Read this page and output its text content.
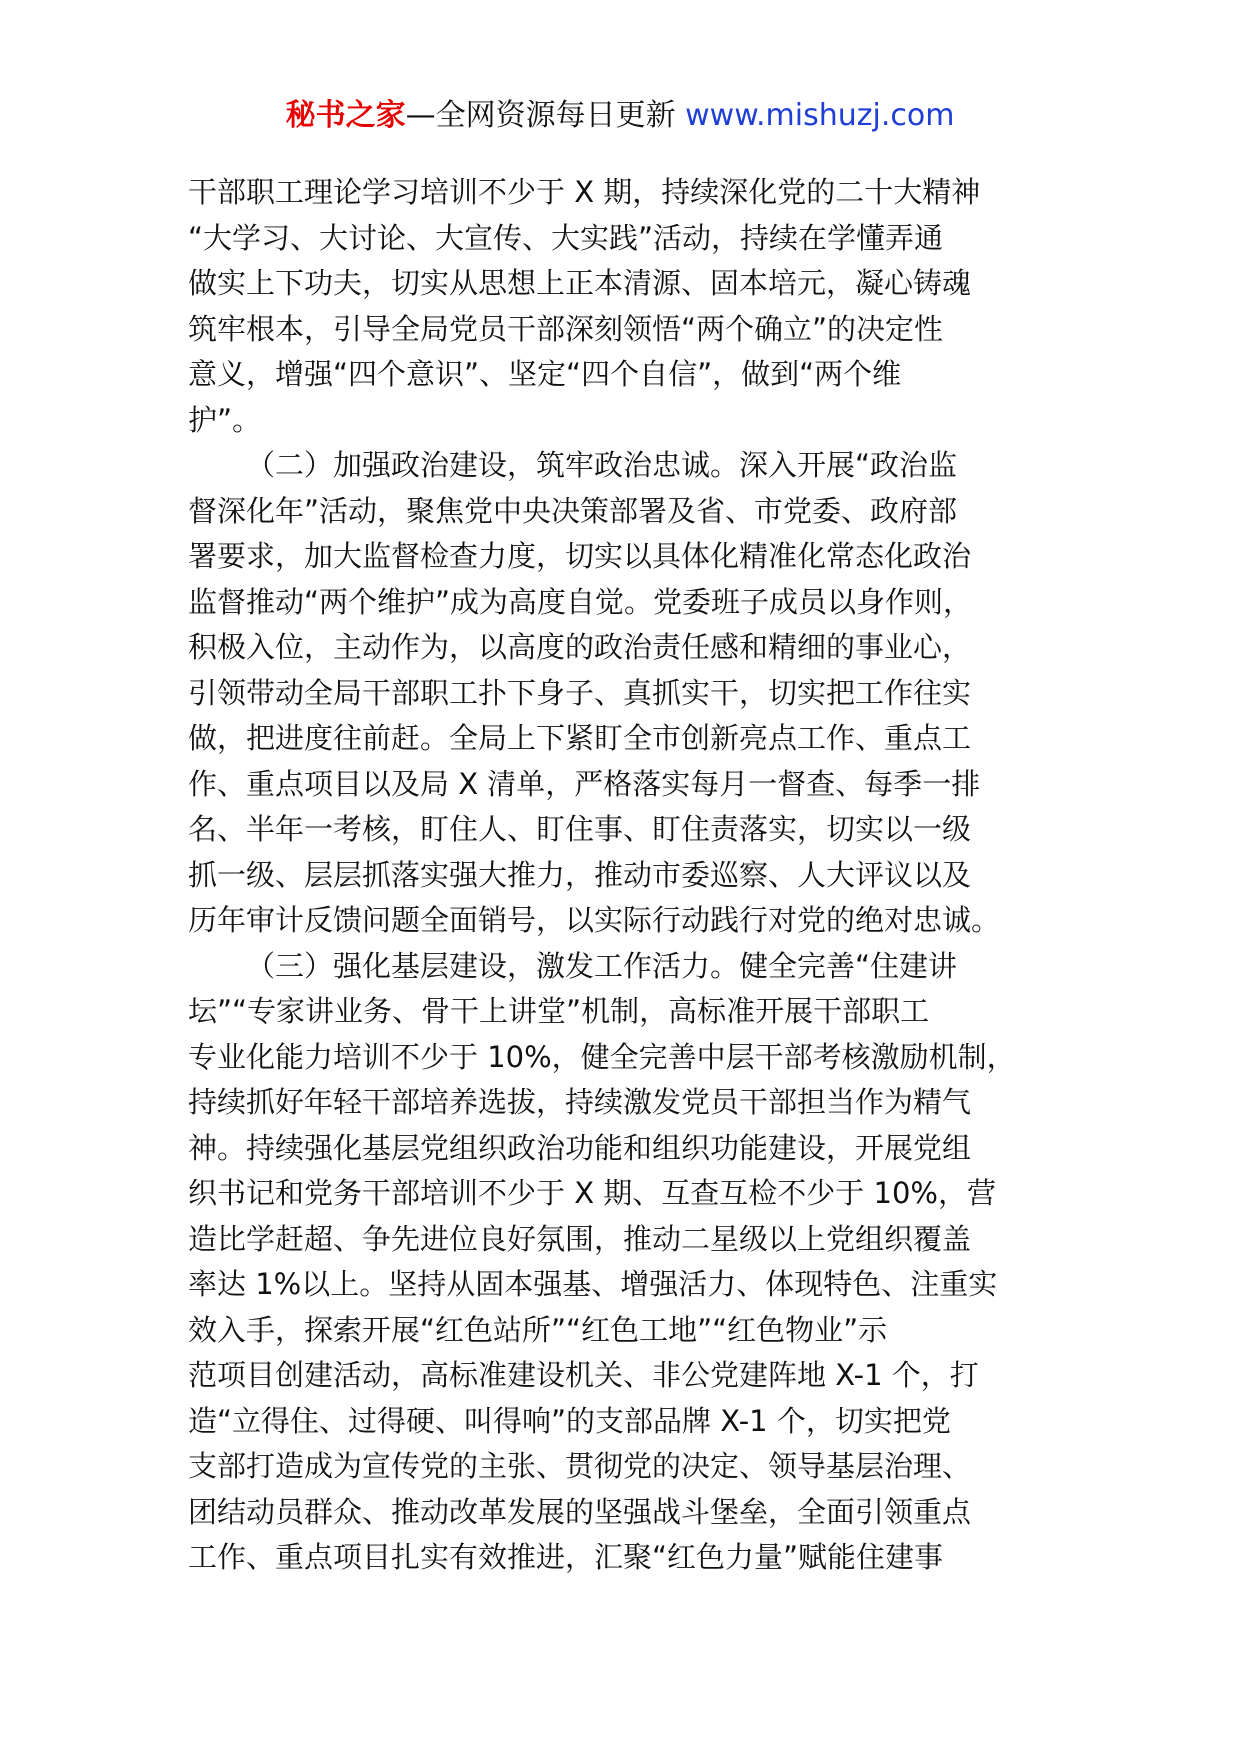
秘书之家—全网资源每日更新 www.mishuzj.com
干部职工理论学习培训不少于 X 期，持续深化党的二十大精神
“大学习、大讨论、大宣传、大实践”活动，持续在学懂弄通
做实上下功夫，切实从思想上正本清源、固本培元，凝心铸魂
筑牢根本，引导全局党员干部深刻领悟“两个确立”的决定性
意义，增强“四个意识”、坚定“四个自信”，做到“两个维
护”。
（二）加强政治建设，筑牢政治忠诚。深入开展“政治监
督深化年”活动，聚焦党中央决策部署及省、市党委、政府部
署要求，加大监督检查力度，切实以具体化精准化常态化政治
监督推动“两个维护”成为高度自觉。党委班子成员以身作则，
积极入位，主动作为，以高度的政治责任感和精细的事业心，
引领带动全局干部职工扑下身子、真抓实干，切实把工作往实
做，把进度往前赶。全局上下紧盯全市创新亮点工作、重点工
作、重点项目以及局 X 清单，严格落实每月一督查、每季一排
名、半年一考核，盯住人、盯住事、盯住责落实，切实以一级
抓一级、层层抓落实强大推力，推动市委巡察、人大评议以及
历年审计反馈问题全面销号，以实际行动践行对党的绝对忠诚。
（三）强化基层建设，激发工作活力。健全完善“住建讲
坛”“专家讲业务、骨干上讲堂”机制，高标准开展干部职工
专业化能力培训不少于 10%，健全完善中层干部考核激励机制，
持续抓好年轻干部培养选拔，持续激发党员干部担当作为精气
神。持续强化基层党组织政治功能和组织功能建设，开展党组
织书记和党务干部培训不少于 X 期、互查互检不少于 10%，营
造比学赶超、争先进位良好氛围，推动二星级以上党组织覆盖
率达 1%以上。坚持从固本强基、增强活力、体现特色、注重实
效入手，探索开展“红色站所”“红色工地”“红色物业”示
范项目创建活动，高标准建设机关、非公党建阵地 X-1 个，打
造“立得住、过得硬、叫得响”的支部品牌 X-1 个，切实把党
支部打造成为宣传党的主张、贯彻党的决定、领导基层治理、
团结动员群众、推动改革发展的坚强战斗堡垒，全面引领重点
工作、重点项目扎实有效推进，汇聚“红色力量”赋能住建事
